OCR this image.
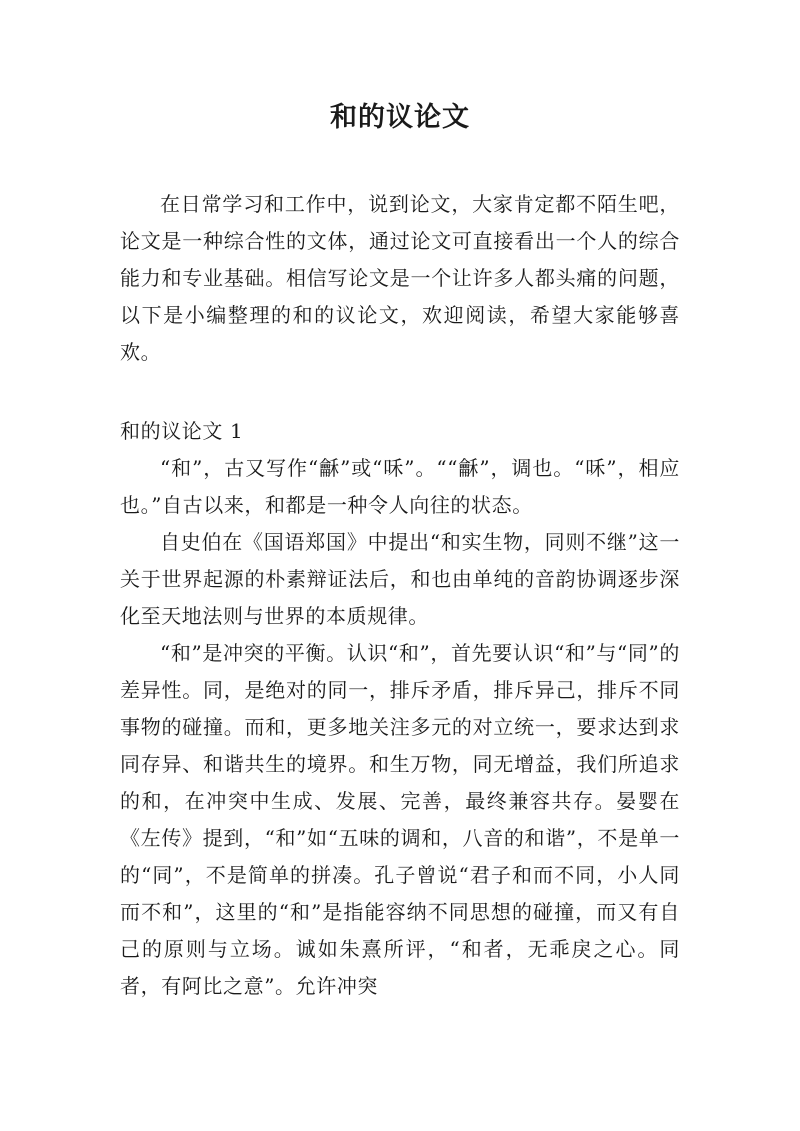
和的议论文

在日常学习和工作中，说到论文，大家肯定都不陌生吧，论文是一种综合性的文体，通过论文可直接看出一个人的综合能力和专业基础。相信写论文是一个让许多人都头痛的问题，以下是小编整理的和的议论文，欢迎阅读，希望大家能够喜欢。

和的议论文 1

“和”，古又写作“龢”或“咊”。““龢”，调也。“咊”，相应也。”自古以来，和都是一种令人向往的状态。

自史伯在《国语郑国》中提出“和实生物，同则不继”这一关于世界起源的朴素辩证法后，和也由单纯的音韵协调逐步深化至天地法则与世界的本质规律。

“和”是冲突的平衡。认识“和”，首先要认识“和”与“同”的差异性。同，是绝对的同一，排斥矛盾，排斥异己，排斥不同事物的碰撞。而和，更多地关注多元的对立统一，要求达到求同存异、和谐共生的境界。和生万物，同无增益，我们所追求的和，在冲突中生成、发展、完善，最终兼容共存。晏婴在《左传》提到，“和”如“五味的调和，八音的和谐”，不是单一的“同”，不是简单的拼凑。孔子曾说“君子和而不同，小人同而不和”，这里的“和”是指能容纳不同思想的碰撞，而又有自己的原则与立场。诚如朱熹所评，“和者，无乖戾之心。同者，有阿比之意”。允许冲突
